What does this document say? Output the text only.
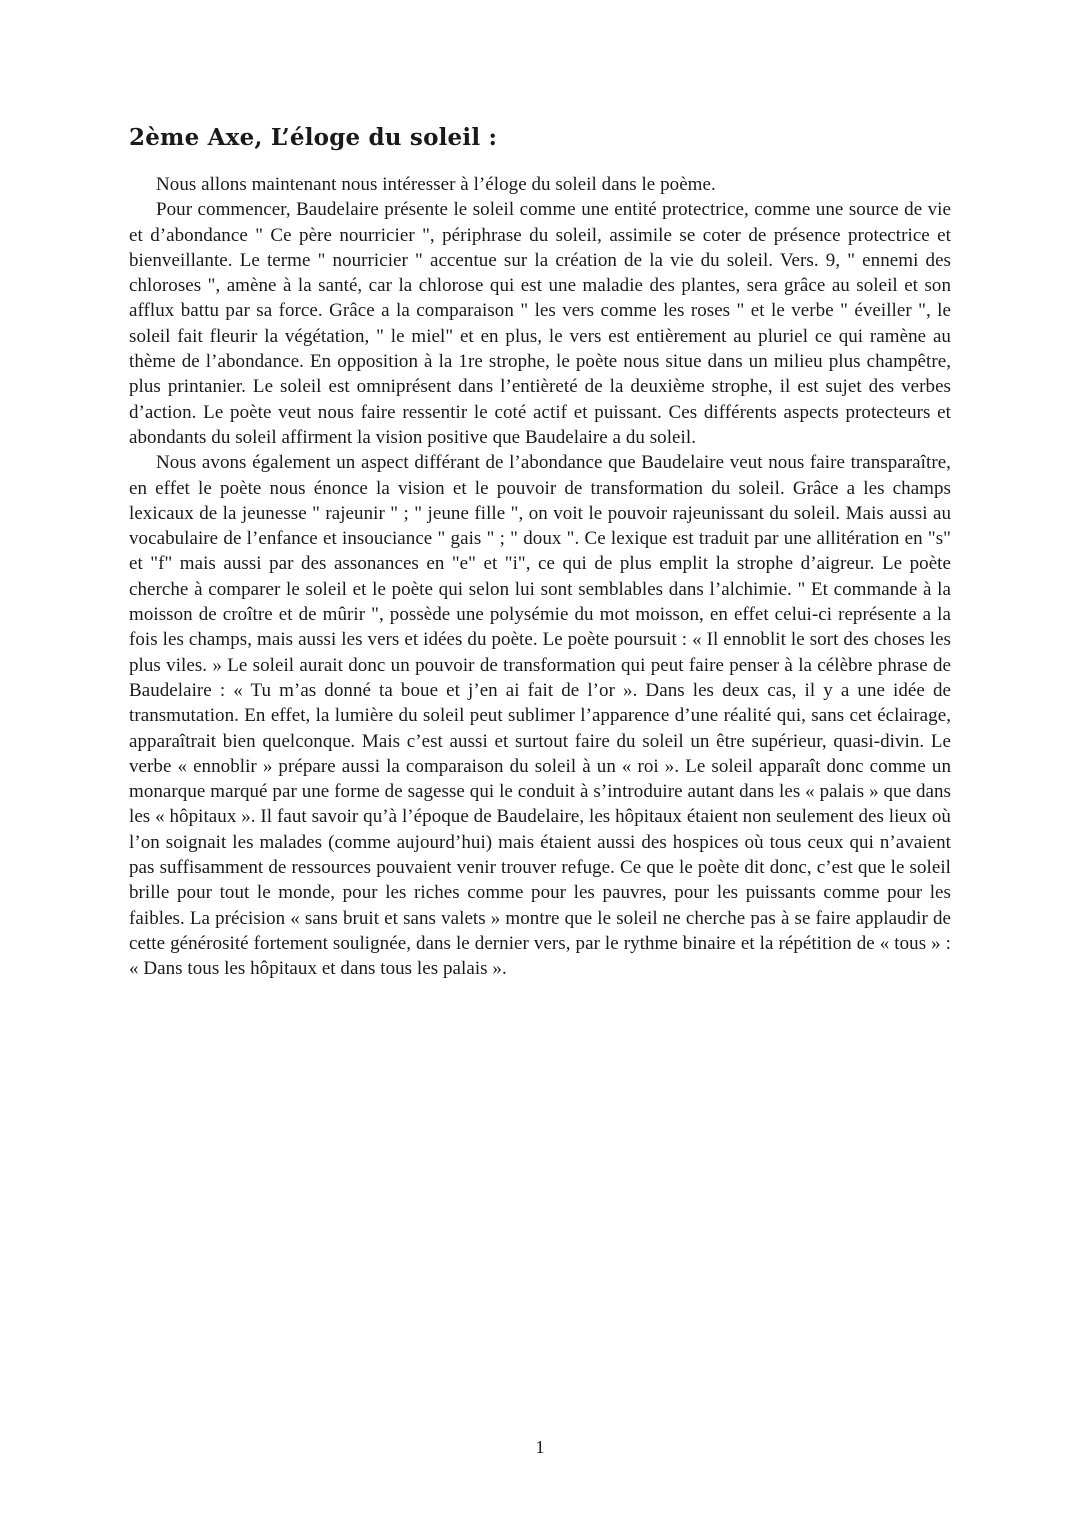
2ème Axe, L’éloge du soleil :

Nous allons maintenant nous intéresser à l’éloge du soleil dans le poème.

Pour commencer, Baudelaire présente le soleil comme une entité protectrice, comme une source de vie et d’abondance " Ce père nourricier ", périphrase du soleil, assimile se coter de présence protectrice et bienveillante. Le terme " nourricier " accentue sur la création de la vie du soleil. Vers. 9, " ennemi des chloroses ", amène à la santé, car la chlorose qui est une maladie des plantes, sera grâce au soleil et son afflux battu par sa force. Grâce a la comparaison " les vers comme les roses " et le verbe " éveiller ", le soleil fait fleurir la végétation, " le miel" et en plus, le vers est entièrement au pluriel ce qui ramène au thème de l’abondance. En opposition à la 1re strophe, le poète nous situe dans un milieu plus champêtre, plus printanier. Le soleil est omniprésent dans l’entièreté de la deuxième strophe, il est sujet des verbes d’action. Le poète veut nous faire ressentir le coté actif et puissant. Ces différents aspects protecteurs et abondants du soleil affirment la vision positive que Baudelaire a du soleil.

Nous avons également un aspect différant de l’abondance que Baudelaire veut nous faire transparaître, en effet le poète nous énonce la vision et le pouvoir de transformation du soleil. Grâce a les champs lexicaux de la jeunesse " rajeunir " ; " jeune fille ", on voit le pouvoir rajeunissant du soleil. Mais aussi au vocabulaire de l’enfance et insouciance " gais " ; " doux ". Ce lexique est traduit par une allitération en "s" et "f" mais aussi par des assonances en "e" et "i", ce qui de plus emplit la strophe d’aigreur. Le poète cherche à comparer le soleil et le poète qui selon lui sont semblables dans l’alchimie. " Et commande à la moisson de croître et de mûrir ", possède une polysémie du mot moisson, en effet celui-ci représente a la fois les champs, mais aussi les vers et idées du poète. Le poète poursuit : « Il ennoblit le sort des choses les plus viles. » Le soleil aurait donc un pouvoir de transformation qui peut faire penser à la célèbre phrase de Baudelaire : « Tu m’as donné ta boue et j’en ai fait de l’or ». Dans les deux cas, il y a une idée de transmutation. En effet, la lumière du soleil peut sublimer l’apparence d’une réalité qui, sans cet éclairage, apparaîtrait bien quelconque. Mais c’est aussi et surtout faire du soleil un être supérieur, quasi-divin. Le verbe « ennoblir » prépare aussi la comparaison du soleil à un « roi ». Le soleil apparaît donc comme un monarque marqué par une forme de sagesse qui le conduit à s’introduire autant dans les « palais » que dans les « hôpitaux ». Il faut savoir qu’à l’époque de Baudelaire, les hôpitaux étaient non seulement des lieux où l’on soignait les malades (comme aujourd’hui) mais étaient aussi des hospices où tous ceux qui n’avaient pas suffisamment de ressources pouvaient venir trouver refuge. Ce que le poète dit donc, c’est que le soleil brille pour tout le monde, pour les riches comme pour les pauvres, pour les puissants comme pour les faibles. La précision « sans bruit et sans valets » montre que le soleil ne cherche pas à se faire applaudir de cette générosité fortement soulignée, dans le dernier vers, par le rythme binaire et la répétition de « tous » : « Dans tous les hôpitaux et dans tous les palais ».

1
